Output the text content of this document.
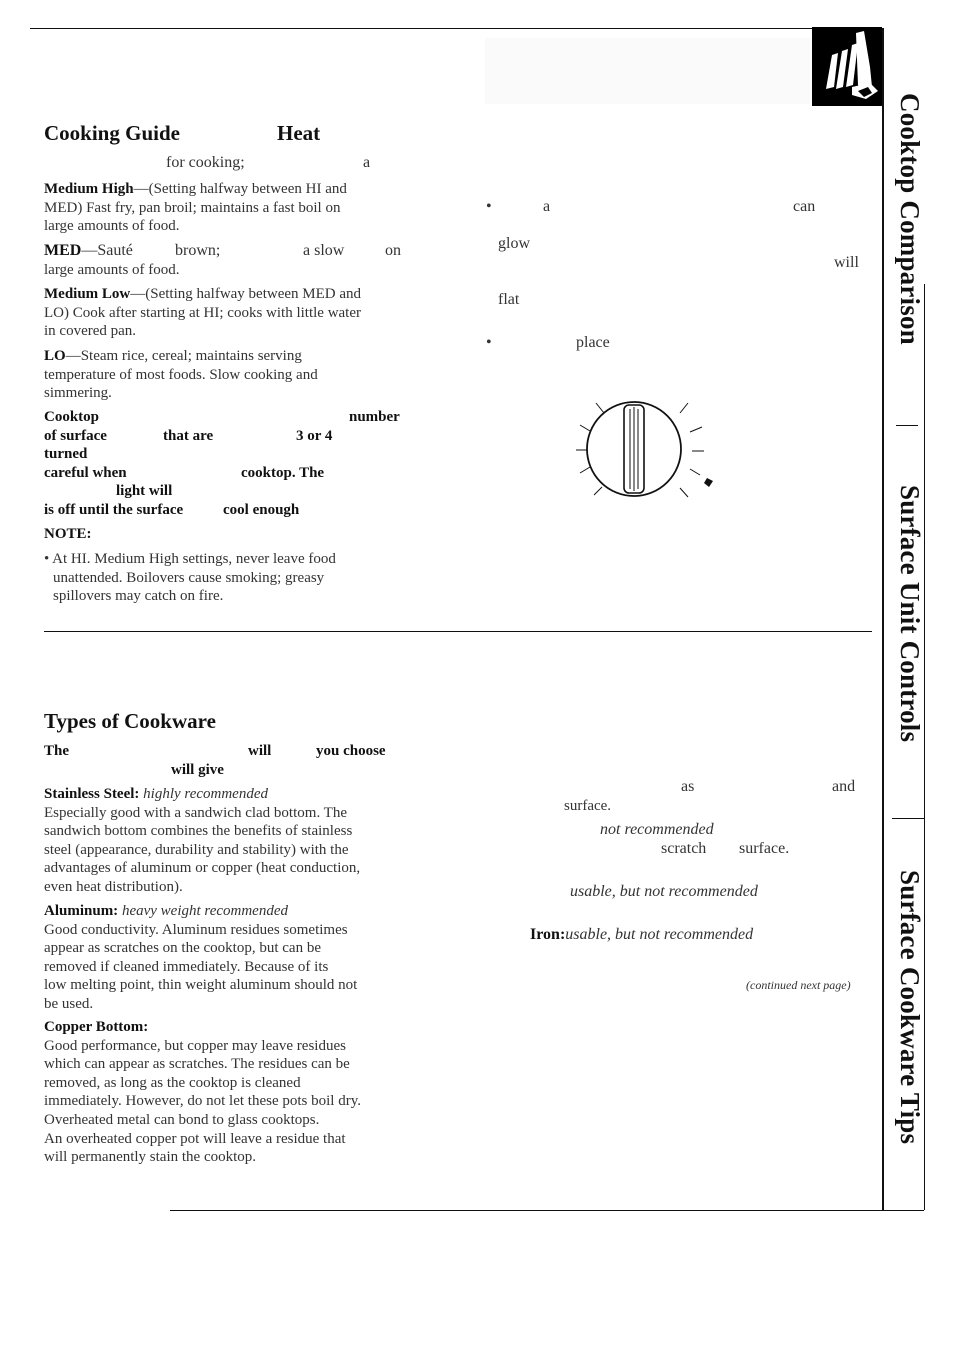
Cooktop Comparison
Surface Unit Controls
Surface Cookware Tips
Cooking Guide	Heat
for cooking;	a
Medium High—(Setting halfway between HI and
MED) Fast fry, pan broil; maintains a fast boil on
large amounts of food.
MED—Sauté	brown;	a slow	on
large amounts of food.
Medium Low—(Setting halfway between MED and
LO) Cook after starting at HI; cooks with little water
in covered pan.
LO—Steam rice, cereal; maintains serving
temperature of most foods. Slow cooking and
simmering.
Cooktop	number
of surface	that are	3 or 4
turned
careful when	cooktop. The
light will
is off until the surface	cool enough
NOTE:
• At HI. Medium High settings, never leave food
unattended. Boilovers cause smoking; greasy
spillovers may catch on fire.
•	a	can
glow
will
flat
•	place
Types of Cookware
The	will	you choose
will give
Stainless Steel: highly recommended
Especially good with a sandwich clad bottom. The
sandwich bottom combines the benefits of stainless
steel (appearance, durability and stability) with the
advantages of aluminum or copper (heat conduction,
even heat distribution).
Aluminum: heavy weight recommended
Good conductivity. Aluminum residues sometimes
appear as scratches on the cooktop, but can be
removed if cleaned immediately. Because of its
low melting point, thin weight aluminum should not
be used.
Copper Bottom:
Good performance, but copper may leave residues
which can appear as scratches. The residues can be
removed, as long as the cooktop is cleaned
immediately. However, do not let these pots boil dry.
Overheated metal can bond to glass cooktops.
An overheated copper pot will leave a residue that
will permanently stain the cooktop.
as	and
surface.
not recommended
scratch surface.
usable, but not recommended
Iron:usable, but not recommended
(continued next page)
